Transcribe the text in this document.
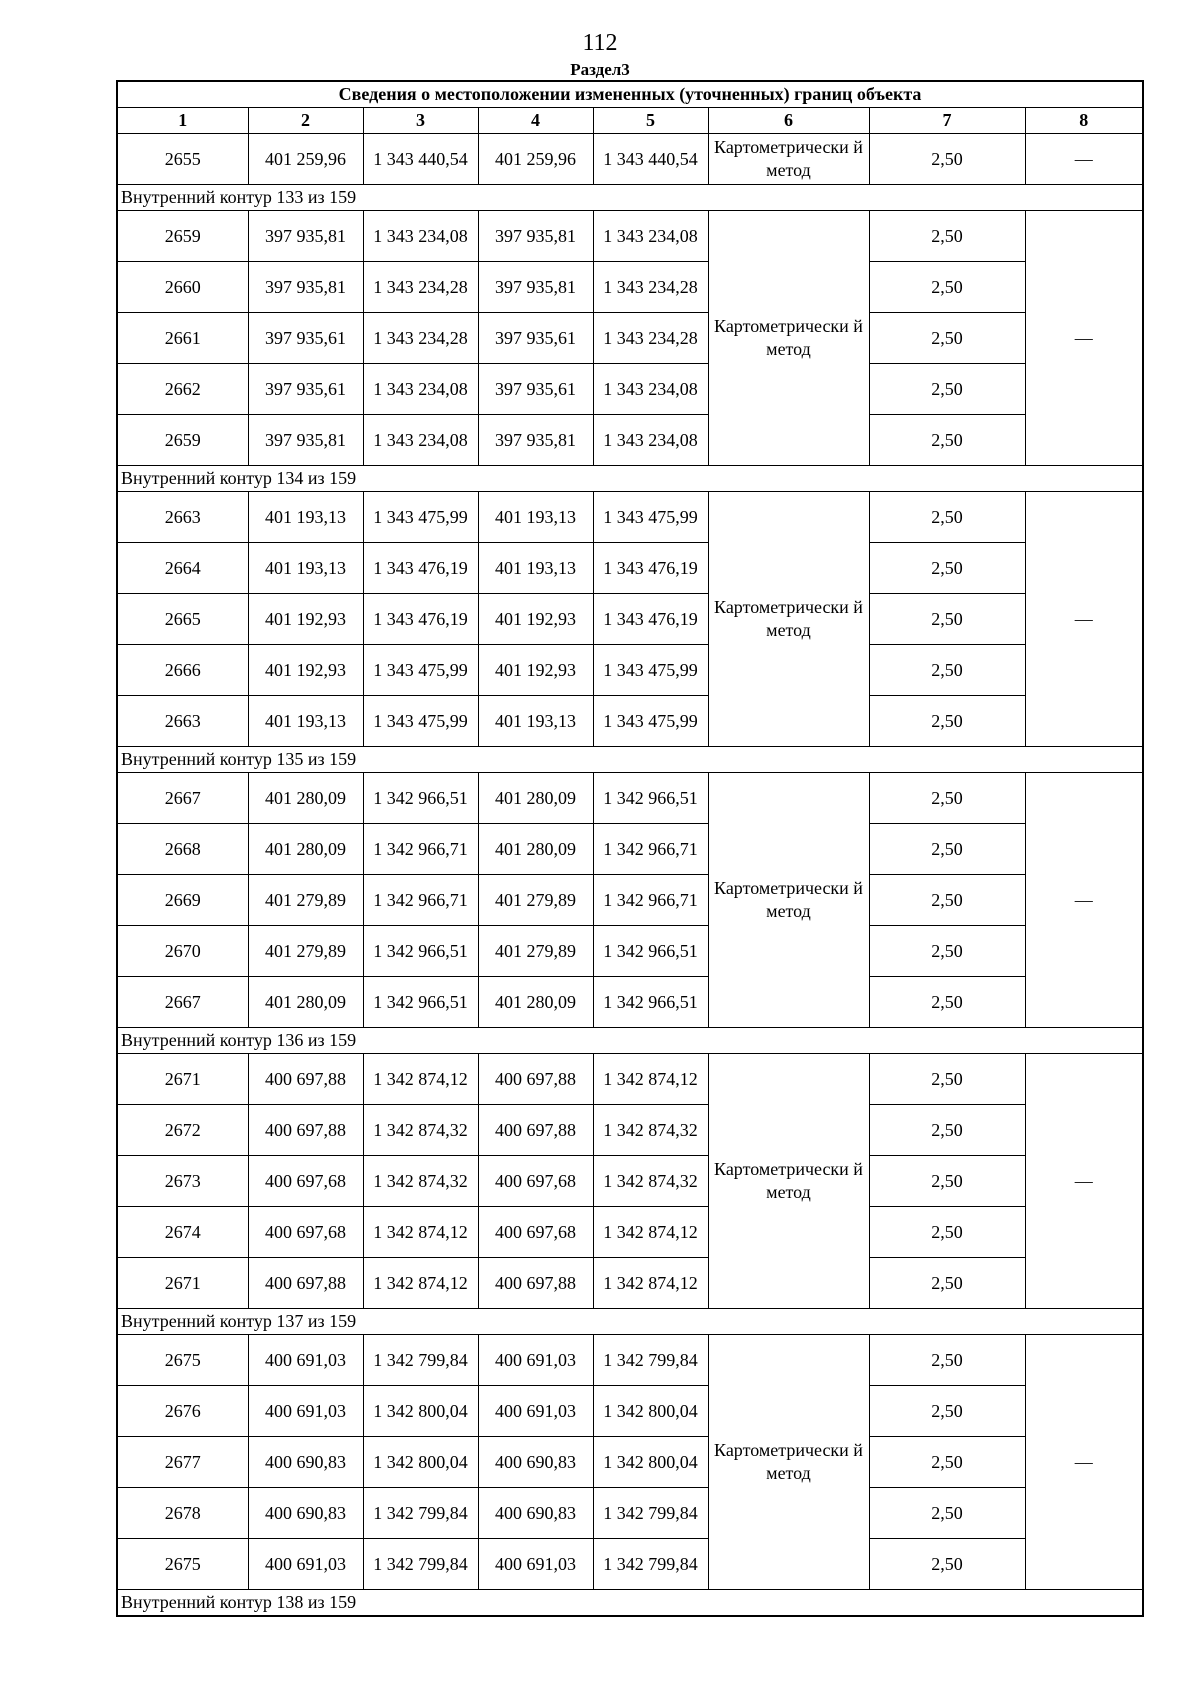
112
Раздел3
Сведения о местоположении измененных (уточненных) границ объекта							
1	2	3	4	5	6	7	8
2655	401 259,96	1 343 440,54	401 259,96	1 343 440,54	Картометрически й метод	2,50	—
Внутренний контур 133 из 159							
2659	397 935,81	1 343 234,08	397 935,81	1 343 234,08	Картометрически й метод	2,50	—
2660	397 935,81	1 343 234,28	397 935,81	1 343 234,28		2,50	
2661	397 935,61	1 343 234,28	397 935,61	1 343 234,28		2,50	
2662	397 935,61	1 343 234,08	397 935,61	1 343 234,08		2,50	
2659	397 935,81	1 343 234,08	397 935,81	1 343 234,08		2,50	
Внутренний контур 134 из 159							
2663	401 193,13	1 343 475,99	401 193,13	1 343 475,99	Картометрически й метод	2,50	—
2664	401 193,13	1 343 476,19	401 193,13	1 343 476,19		2,50	
2665	401 192,93	1 343 476,19	401 192,93	1 343 476,19		2,50	
2666	401 192,93	1 343 475,99	401 192,93	1 343 475,99		2,50	
2663	401 193,13	1 343 475,99	401 193,13	1 343 475,99		2,50	
Внутренний контур 135 из 159							
2667	401 280,09	1 342 966,51	401 280,09	1 342 966,51	Картометрически й метод	2,50	—
2668	401 280,09	1 342 966,71	401 280,09	1 342 966,71		2,50	
2669	401 279,89	1 342 966,71	401 279,89	1 342 966,71		2,50	
2670	401 279,89	1 342 966,51	401 279,89	1 342 966,51		2,50	
2667	401 280,09	1 342 966,51	401 280,09	1 342 966,51		2,50	
Внутренний контур 136 из 159							
2671	400 697,88	1 342 874,12	400 697,88	1 342 874,12	Картометрически й метод	2,50	—
2672	400 697,88	1 342 874,32	400 697,88	1 342 874,32		2,50	
2673	400 697,68	1 342 874,32	400 697,68	1 342 874,32		2,50	
2674	400 697,68	1 342 874,12	400 697,68	1 342 874,12		2,50	
2671	400 697,88	1 342 874,12	400 697,88	1 342 874,12		2,50	
Внутренний контур 137 из 159							
2675	400 691,03	1 342 799,84	400 691,03	1 342 799,84	Картометрически й метод	2,50	—
2676	400 691,03	1 342 800,04	400 691,03	1 342 800,04		2,50	
2677	400 690,83	1 342 800,04	400 690,83	1 342 800,04		2,50	
2678	400 690,83	1 342 799,84	400 690,83	1 342 799,84		2,50	
2675	400 691,03	1 342 799,84	400 691,03	1 342 799,84		2,50	
Внутренний контур 138 из 159							
